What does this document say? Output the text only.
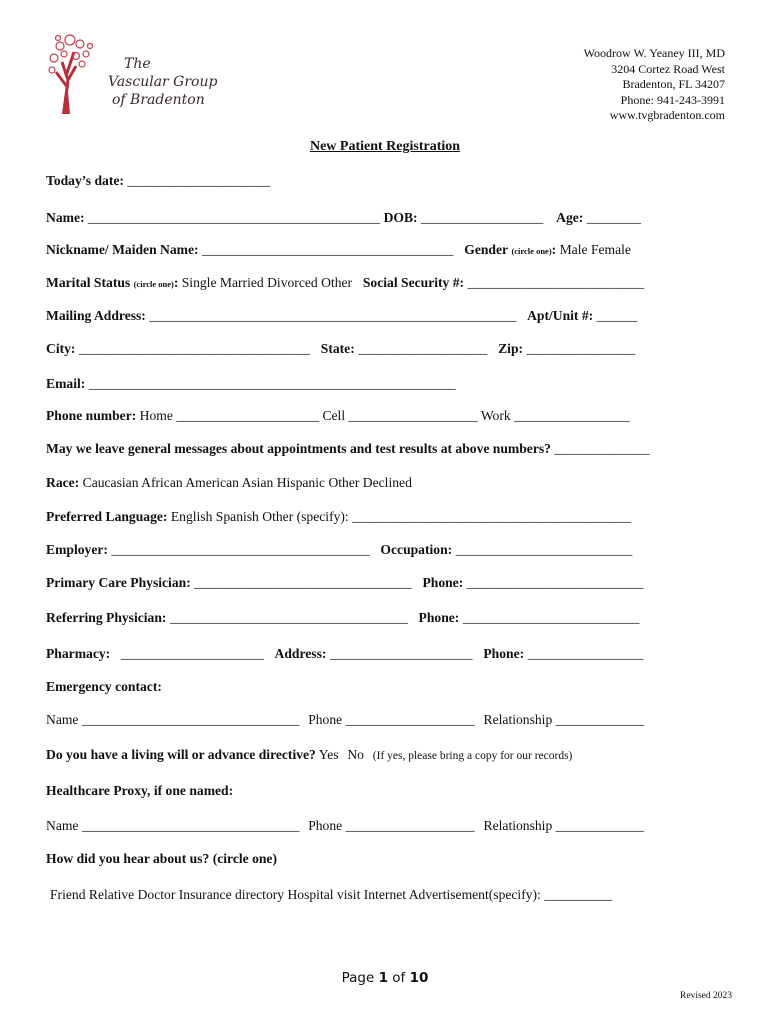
The
Vascular Group
of Bradenton
Woodrow W. Yeaney III, MD
3204 Cortez Road West
Bradenton, FL 34207
Phone: 941-243-3991
www.tvgbradenton.com
New Patient Registration
Today’s date: _____________________
Name: ___________________________________________ DOB: __________________ Age: ________
Nickname/ Maiden Name: _____________________________________ Gender (circle one): Male Female
Marital Status (circle one): Single Married Divorced Other Social Security #: __________________________
Mailing Address: ______________________________________________________ Apt/Unit #: ______
City: __________________________________ State: ___________________ Zip: ________________
Email: ______________________________________________________
Phone number: Home _____________________ Cell ___________________ Work _________________
May we leave general messages about appointments and test results at above numbers? ______________
Race: Caucasian African American Asian Hispanic Other Declined
Preferred Language: English Spanish Other (specify): _________________________________________
Employer: ______________________________________ Occupation: __________________________
Primary Care Physician: ________________________________ Phone: __________________________
Referring Physician: ___________________________________ Phone: __________________________
Pharmacy: _____________________ Address: _____________________ Phone: _________________
Emergency contact:
Name ________________________________ Phone ___________________ Relationship _____________
Do you have a living will or advance directive? Yes No (If yes, please bring a copy for our records)
Healthcare Proxy, if one named:
Name ________________________________ Phone ___________________ Relationship _____________
How did you hear about us? (circle one)
Friend Relative Doctor Insurance directory Hospital visit Internet Advertisement(specify): __________
Page 1 of 10
Revised 2023
